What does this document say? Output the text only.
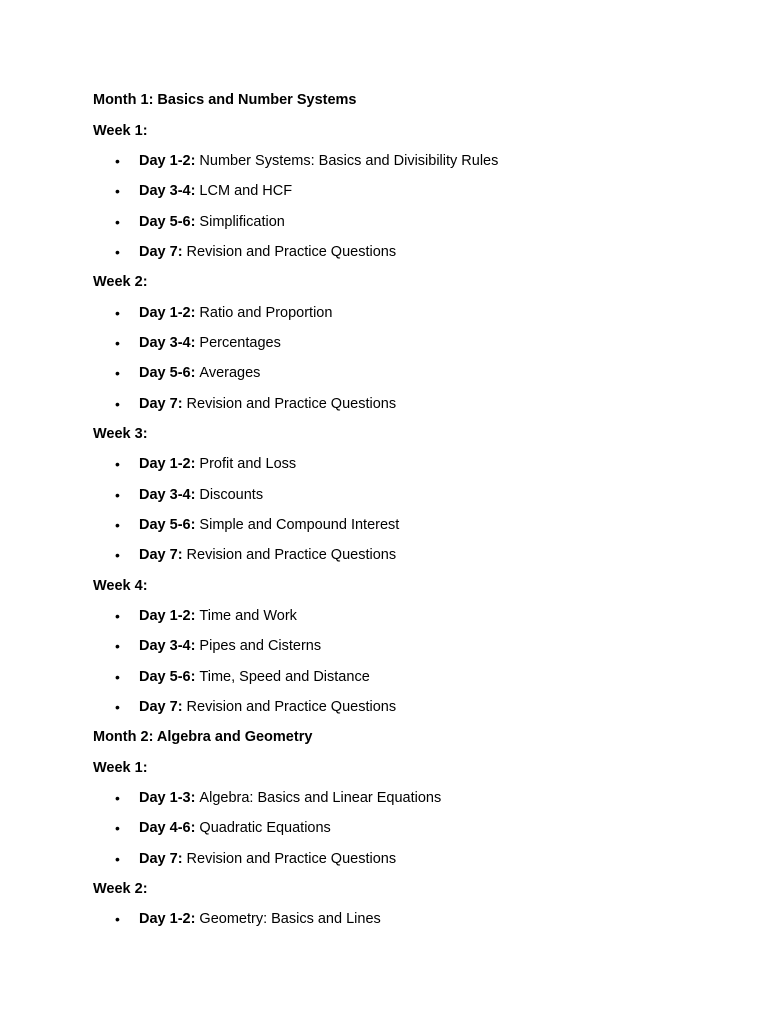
Month 1: Basics and Number Systems
Week 1:
•	Day 1-2: Number Systems: Basics and Divisibility Rules
•	Day 3-4: LCM and HCF
•	Day 5-6: Simplification
•	Day 7: Revision and Practice Questions
Week 2:
•	Day 1-2: Ratio and Proportion
•	Day 3-4: Percentages
•	Day 5-6: Averages
•	Day 7: Revision and Practice Questions
Week 3:
•	Day 1-2: Profit and Loss
•	Day 3-4: Discounts
•	Day 5-6: Simple and Compound Interest
•	Day 7: Revision and Practice Questions
Week 4:
•	Day 1-2: Time and Work
•	Day 3-4: Pipes and Cisterns
•	Day 5-6: Time, Speed and Distance
•	Day 7: Revision and Practice Questions
Month 2: Algebra and Geometry
Week 1:
•	Day 1-3: Algebra: Basics and Linear Equations
•	Day 4-6: Quadratic Equations
•	Day 7: Revision and Practice Questions
Week 2:
•	Day 1-2: Geometry: Basics and Lines
